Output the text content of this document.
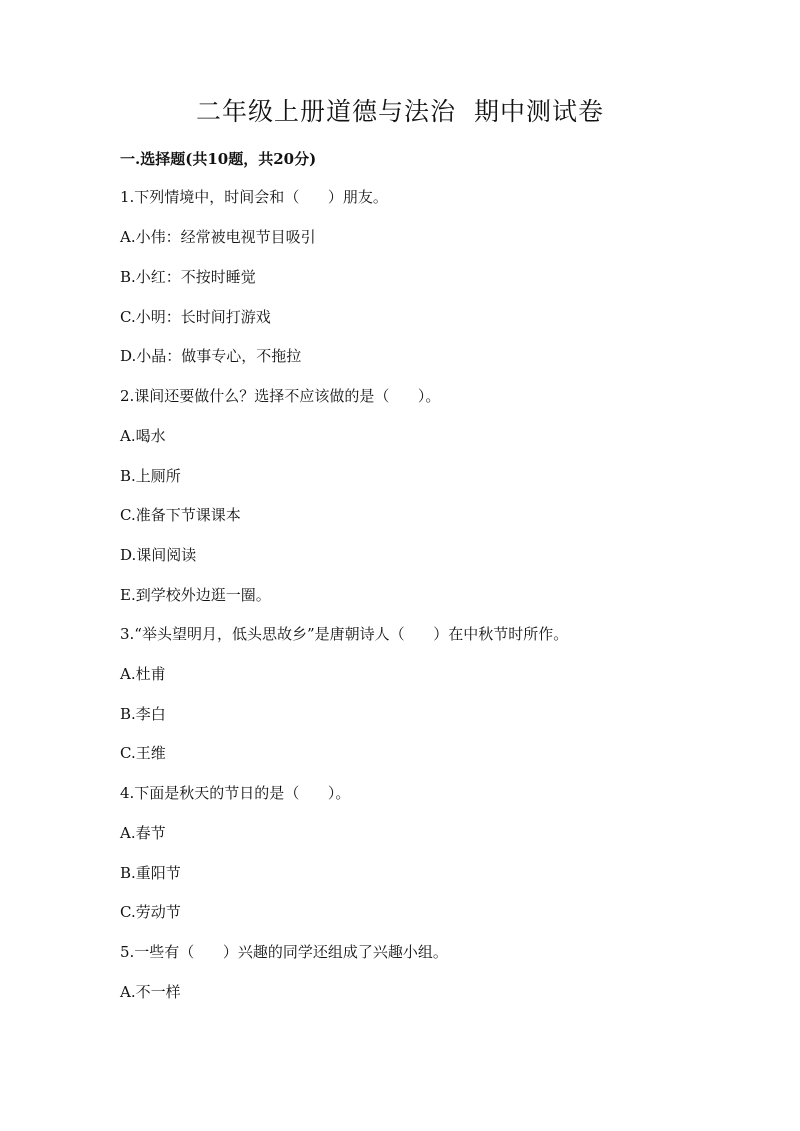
二年级上册道德与法治  期中测试卷
一.选择题(共10题，共20分)
1.下列情境中，时间会和（      ）朋友。
A.小伟：经常被电视节目吸引
B.小红：不按时睡觉
C.小明：长时间打游戏
D.小晶：做事专心，不拖拉
2.课间还要做什么？选择不应该做的是（      ）。
A.喝水
B.上厕所
C.准备下节课课本
D.课间阅读
E.到学校外边逛一圈。
3.“举头望明月，低头思故乡”是唐朝诗人（      ）在中秋节时所作。
A.杜甫
B.李白
C.王维
4.下面是秋天的节日的是（      ）。
A.春节
B.重阳节
C.劳动节
5.一些有（      ）兴趣的同学还组成了兴趣小组。
A.不一样
